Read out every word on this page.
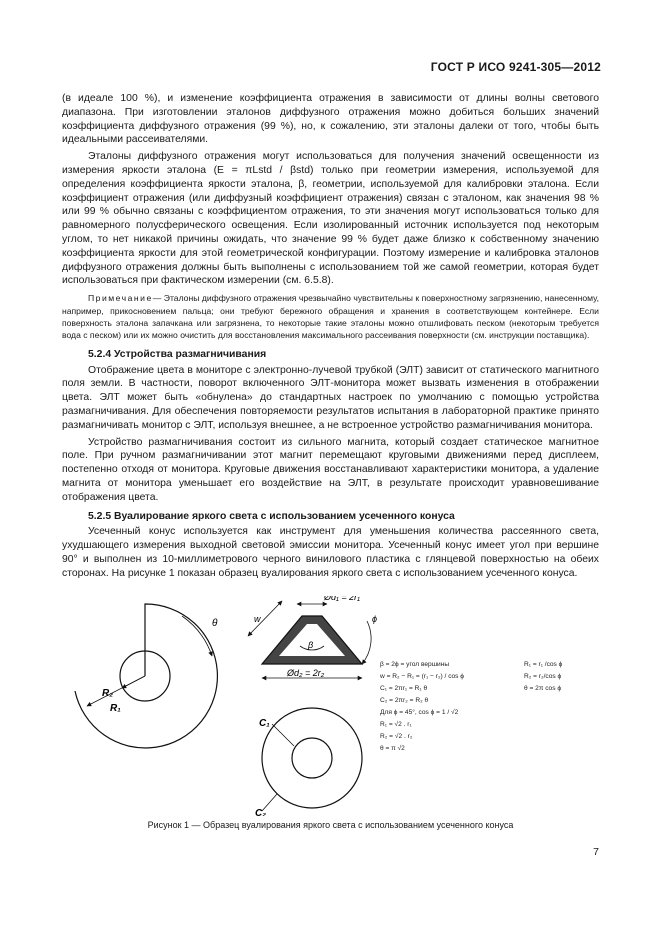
ГОСТ Р ИСО 9241-305—2012

(в идеале 100 %), и изменение коэффициента отражения в зависимости от длины волны светового диапазона. При изготовлении эталонов диффузного отражения можно добиться больших значений коэффициента диффузного отражения (99 %), но, к сожалению, эти эталоны далеки от того, чтобы быть идеальными рассеивателями.

Эталоны диффузного отражения могут использоваться для получения значений освещенности из измерения яркости эталона (E = πLstd / βstd) только при геометрии измерения, используемой для определения коэффициента яркости эталона, β, геометрии, используемой для калибровки эталона. Если коэффициент отражения (или диффузный коэффициент отражения) связан с эталоном, как значения 98 % или 99 % обычно связаны с коэффициентом отражения, то эти значения могут использоваться только для равномерного полусферического освещения. Если изолированный источник используется под некоторым углом, то нет никакой причины ожидать, что значение 99 % будет даже близко к собственному значению коэффициента яркости для этой геометрической конфигурации. Поэтому измерение и калибровка эталонов диффузного отражения должны быть выполнены с использованием той же самой геометрии, которая будет использоваться при фактическом измерении (см. 6.5.8).

Примечание— Эталоны диффузного отражения чрезвычайно чувствительны к поверхностному загрязнению, нанесенному, например, прикосновением пальца; они требуют бережного обращения и хранения в соответствующем контейнере. Если поверхность эталона запачкана или загрязнена, то некоторые такие эталоны можно отшлифовать песком (некоторым требуется вода с песком) или их можно очистить для восстановления максимального рассеивания поверхности (см. инструкции поставщика).

5.2.4 Устройства размагничивания

Отображение цвета в мониторе с электронно-лучевой трубкой (ЭЛТ) зависит от статического магнитного поля земли. В частности, поворот включенного ЭЛТ-монитора может вызвать изменения в отображении цвета. ЭЛТ может быть «обнулена» до стандартных настроек по умолчанию с помощью устройства размагничивания. Для обеспечения повторяемости результатов испытания в лабораторной практике принято размагничивать монитор с ЭЛТ, используя внешнее, а не встроенное устройство размагничивания монитора.

Устройство размагничивания состоит из сильного магнита, который создает статическое магнитное поле. При ручном размагничивании этот магнит перемещают круговыми движениями перед дисплеем, постепенно отходя от монитора. Круговые движения восстанавливают характеристики монитора, а удаление магнита от монитора уменьшает его воздействие на ЭЛТ, в результате происходит уравновешивание отображения цвета.

5.2.5 Вуалирование яркого света с использованием усеченного конуса

Усеченный конус используется как инструмент для уменьшения количества рассеянного света, ухудшающего измерения выходной световой эмиссии монитора. Усеченный конус имеет угол при вершине 90° и выполнен из 10-миллиметрового черного винилового пластика с глянцевой поверхностью на обеих сторонах. На рисунке 1 показан образец вуалирования яркого света с использованием усеченного конуса.

θ
R₂
R₁
Ød₁ = 2r₁
Ød₂ = 2r₂
w
β
ϕ
C₁
C₂
β = 2ϕ = угол вершины
w = R₂ − R₁ = (r₁ − r₂) / cos ϕ
C₁ = 2πr₁ = R₁ θ
C₂ = 2πr₂ = R₂ θ
Для ϕ = 45°, cos ϕ = 1 / √2
R₁ = √2 . r₁
R₂ = √2 . r₂
θ = π √2
R₁ = r₁ /cos ϕ
R₂ = r₂/cos ϕ
θ = 2π cos ϕ
Рисунок 1 — Образец вуалирования яркого света с использованием усеченного конуса
7
